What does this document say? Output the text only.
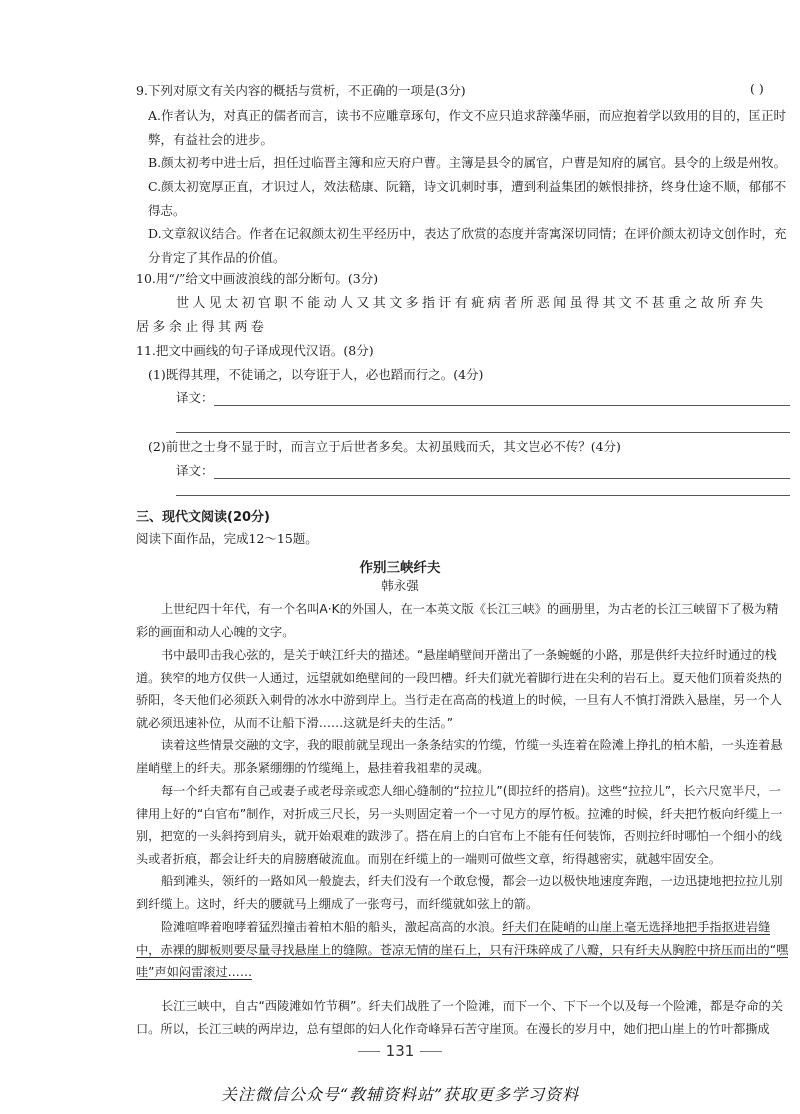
9.下列对原文有关内容的概括与赏析，不正确的一项是(3分)	( )
A.作者认为，对真正的儒者而言，读书不应雕章琢句，作文不应只追求辞藻华丽，而应抱着学以致用的目的，匡正时弊，有益社会的进步。
B.颜太初考中进士后，担任过临晋主簿和应天府户曹。主簿是县令的属官，户曹是知府的属官。县令的上级是州牧。
C.颜太初宽厚正直，才识过人，效法嵇康、阮籍，诗文讥刺时事，遭到利益集团的嫉恨排挤，终身仕途不顺，郁郁不得志。
D.文章叙议结合。作者在记叙颜太初生平经历中，表达了欣赏的态度并寄寓深切同情；在评价颜太初诗文创作时，充分肯定了其作品的价值。
10.用“/”给文中画波浪线的部分断句。(3分)
世人见太初官职不能动人又其文多指讦有疵病者所恶闻虽得其文不甚重之故所弃失
居多余止得其两卷
11.把文中画线的句子译成现代汉语。(8分)
(1)既得其理，不徒诵之，以夸诳于人，必也蹈而行之。(4分)
译文：
(2)前世之士身不显于时，而言立于后世者多矣。太初虽贱而夭，其文岂必不传？(4分)
译文：
三、现代文阅读(20分)
阅读下面作品，完成12～15题。
作别三峡纤夫
韩永强
上世纪四十年代，有一个名叫A·K的外国人，在一本英文版《长江三峡》的画册里，为古老的长江三峡留下了极为精彩的画面和动人心魄的文字。
书中最叩击我心弦的，是关于峡江纤夫的描述。“悬崖峭壁间开凿出了一条蜿蜒的小路，那是供纤夫拉纤时通过的栈道。狭窄的地方仅供一人通过，远望就如绝壁间的一段凹槽。纤夫们就光着脚行进在尖利的岩石上。夏天他们顶着炎热的骄阳，冬天他们必须跃入刺骨的冰水中游到岸上。当行走在高高的栈道上的时候，一旦有人不慎打滑跌入悬崖，另一个人就必须迅速补位，从而不让船下滑……这就是纤夫的生活。”
读着这些情景交融的文字，我的眼前就呈现出一条条结实的竹缆，竹缆一头连着在险滩上挣扎的柏木船，一头连着悬崖峭壁上的纤夫。那条紧绷绷的竹缆绳上，悬挂着我祖辈的灵魂。
每一个纤夫都有自己或妻子或老母亲或恋人细心缝制的“拉拉儿”(即拉纤的搭肩)。这些“拉拉儿”，长六尺宽半尺，一律用上好的“白官布”制作，对折成三尺长，另一头则固定着一个一寸见方的厚竹板。拉滩的时候，纤夫把竹板向纤缆上一别，把宽的一头斜挎到肩头，就开始艰难的跋涉了。搭在肩上的白官布上不能有任何装饰，否则拉纤时哪怕一个细小的线头或者折痕，都会让纤夫的肩膀磨破流血。而别在纤缆上的一端则可做些文章，绗得越密实，就越牢固安全。
船到滩头，领纤的一路如风一般旋去，纤夫们没有一个敢怠慢，都会一边以极快地速度奔跑，一边迅捷地把拉拉儿别到纤缆上。这时，纤夫的腰就马上绷成了一张弯弓，而纤缆就如弦上的箭。
险滩喧哗着咆哮着猛烈撞击着柏木船的船头，激起高高的水浪。纤夫们在陡峭的山崖上毫无选择地把手指抠进岩缝中，赤裸的脚板则要尽量寻找悬崖上的缝隙。苍凉无情的崖石上，只有汗珠碎成了八瓣，只有纤夫从胸腔中挤压而出的“嘿哇”声如闷雷滚过……
长江三峡中，自古“西陵滩如竹节稠”。纤夫们战胜了一个险滩，而下一个、下下一个以及每一个险滩，都是夺命的关口。所以，长江三峡的两岸边，总有望郎的妇人化作奇峰异石苦守崖顶。在漫长的岁月中，她们把山崖上的竹叶都撕成
131
关注微信公众号“教辅资料站”获取更多学习资料
